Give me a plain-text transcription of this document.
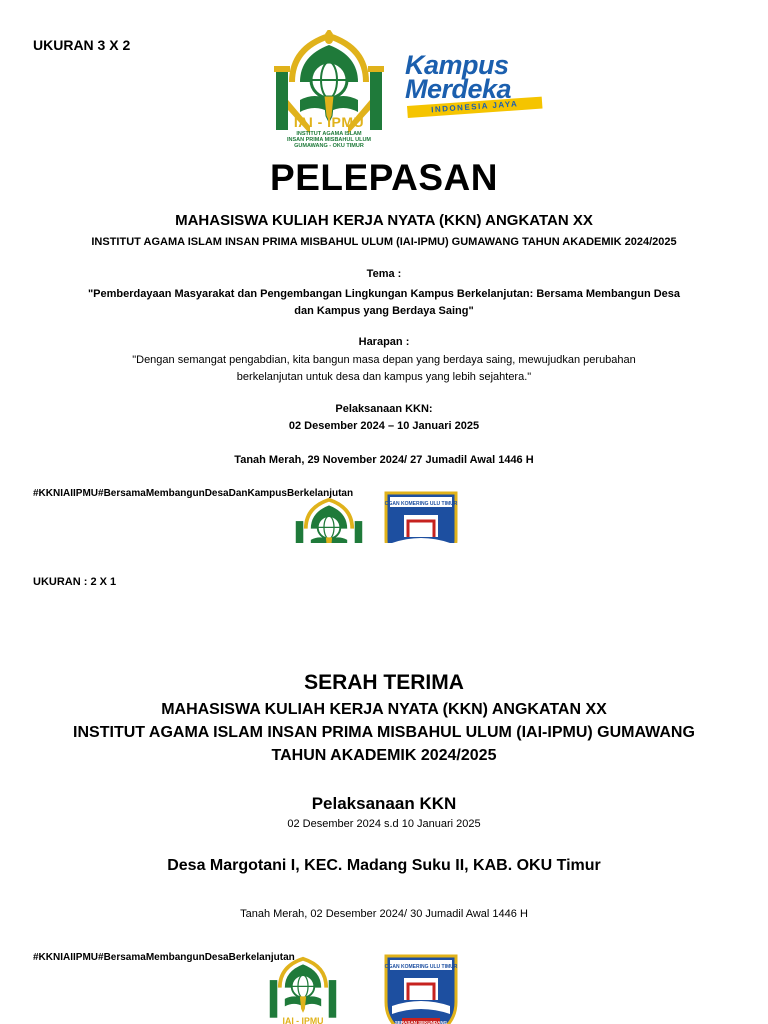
UKURAN 3 X 2
IAI - IPMU
INSTITUT AGAMA ISLAM
INSAN PRIMA MISBAHUL ULUM
GUMAWANG - OKU TIMUR
Kampus
Merdeka
INDONESIA JAYA
PELEPASAN
MAHASISWA KULIAH KERJA NYATA (KKN) ANGKATAN XX
INSTITUT AGAMA ISLAM INSAN PRIMA MISBAHUL ULUM (IAI-IPMU) GUMAWANG TAHUN AKADEMIK 2024/2025
Tema :
"Pemberdayaan Masyarakat dan Pengembangan Lingkungan Kampus Berkelanjutan: Bersama Membangun Desa dan Kampus yang Berdaya Saing"
Harapan :
"Dengan semangat pengabdian, kita bangun masa depan yang berdaya saing, mewujudkan perubahan berkelanjutan untuk desa dan kampus yang lebih sejahtera."
Pelaksanaan KKN:
02 Desember 2024 – 10 Januari 2025
Tanah Merah, 29 November 2024/ 27 Jumadil Awal 1446 H
#KKNIAIIPMU#BersamaMembangunDesaDanKampusBerkelanjutan
OGAN KOMERING ULU TIMUR
UKURAN : 2 X 1
SERAH TERIMA
MAHASISWA KULIAH KERJA NYATA (KKN) ANGKATAN XX
INSTITUT AGAMA ISLAM INSAN PRIMA MISBAHUL ULUM (IAI-IPMU) GUMAWANG
TAHUN AKADEMIK 2024/2025
Pelaksanaan KKN
02 Desember 2024 s.d 10 Januari 2025
Desa Margotani I, KEC. Madang Suku II, KAB. OKU Timur
Tanah Merah, 02 Desember 2024/ 30 Jumadil Awal 1446 H
#KKNIAIIPMU#BersamaMembangunDesaBerkelanjutan
IAI - IPMU
OGAN KOMERING ULU TIMUR
SERASAN SEKUNDANG
